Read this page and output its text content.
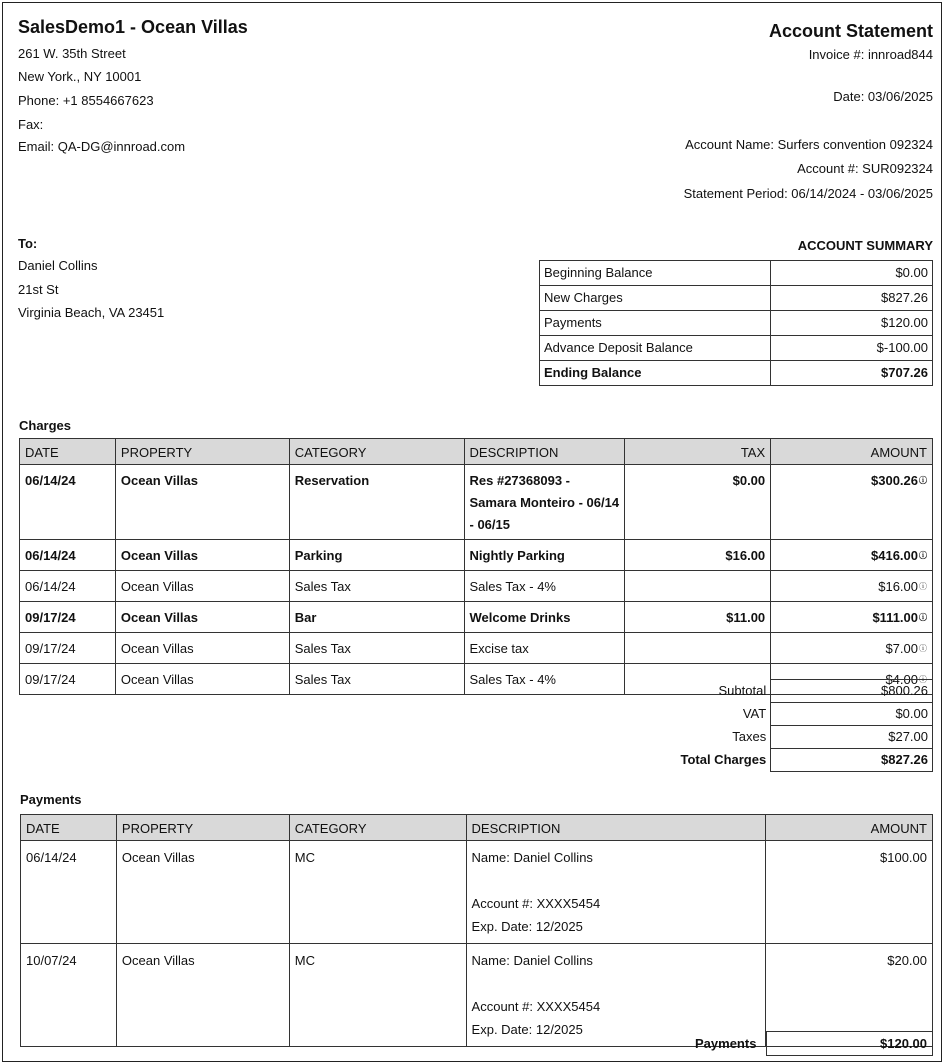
SalesDemo1 - Ocean Villas
261 W. 35th Street
New York., NY 10001
Phone: +1 8554667623
Fax:
Email: QA-DG@innroad.com
Account Statement
Invoice #: innroad844
Date: 03/06/2025
Account Name: Surfers convention 092324
Account #: SUR092324
Statement Period: 06/14/2024 - 03/06/2025
To:
Daniel Collins
21st St
Virginia Beach, VA 23451
ACCOUNT SUMMARY
Beginning Balance	$0.00
New Charges	$827.26
Payments	$120.00
Advance Deposit Balance	$-100.00
Ending Balance	$707.26
Charges
DATE	PROPERTY	CATEGORY	DESCRIPTION	TAX	AMOUNT
06/14/24	Ocean Villas	Reservation	Res #27368093 - Samara Monteiro - 06/14 - 06/15	$0.00	$300.26ⓘ
06/14/24	Ocean Villas	Parking	Nightly Parking	$16.00	$416.00ⓘ
06/14/24	Ocean Villas	Sales Tax	Sales Tax - 4%		$16.00ⓘ
09/17/24	Ocean Villas	Bar	Welcome Drinks	$11.00	$111.00ⓘ
09/17/24	Ocean Villas	Sales Tax	Excise tax		$7.00ⓘ
09/17/24	Ocean Villas	Sales Tax	Sales Tax - 4%		$4.00ⓘ
Subtotal	$800.26
VAT	$0.00
Taxes	$27.00
Total Charges	$827.26
Payments
DATE	PROPERTY	CATEGORY	DESCRIPTION	AMOUNT
06/14/24	Ocean Villas	MC	Name: Daniel Collins
Account #: XXXX5454
Exp. Date: 12/2025	$100.00
10/07/24	Ocean Villas	MC	Name: Daniel Collins
Account #: XXXX5454
Exp. Date: 12/2025	$20.00
Payments	$120.00
